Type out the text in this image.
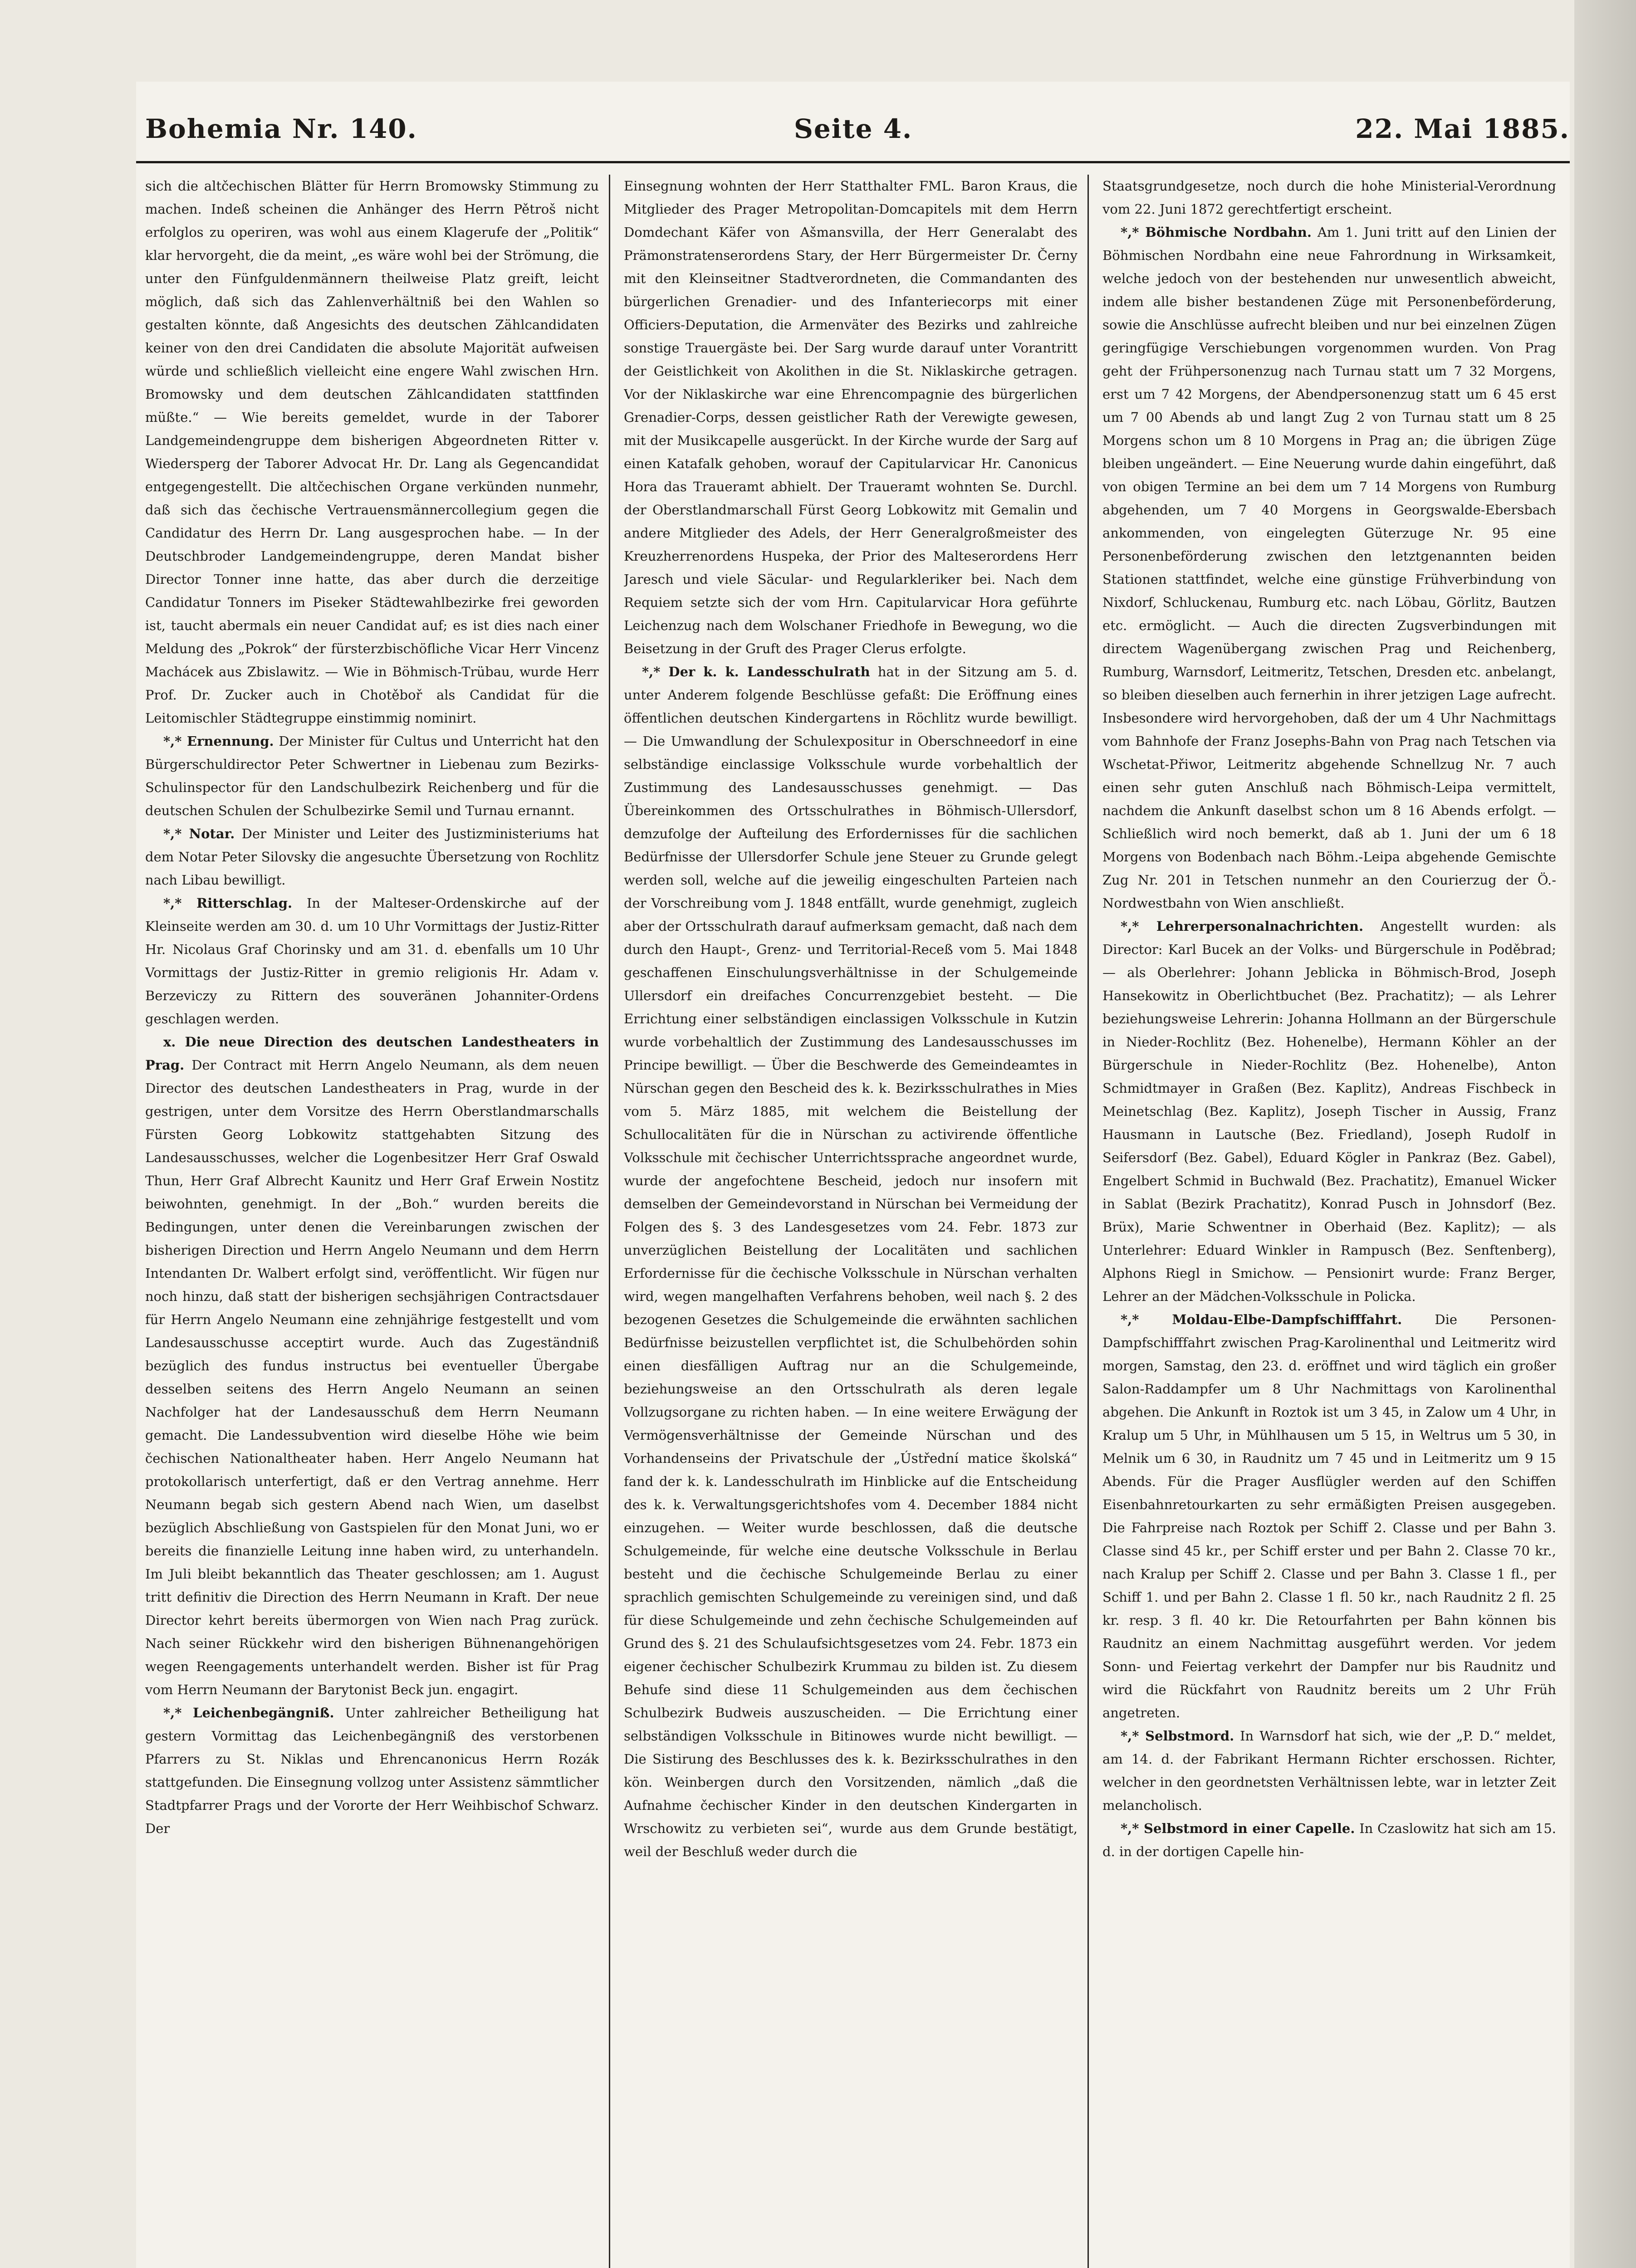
Bohemia Nr. 140.	Seite 4.	22. Mai 1885.

sich die altčechischen Blätter für Herrn Bromowsky Stimmung zu machen. Indeß scheinen die Anhänger des Herrn Pětroš nicht erfolglos zu operiren, was wohl aus einem Klagerufe der „Politik“ klar hervorgeht, die da meint, „es wäre wohl bei der Strömung, die unter den Fünfguldenmännern theilweise Platz greift, leicht möglich, daß sich das Zahlenverhältniß bei den Wahlen so gestalten könnte, daß Angesichts des deutschen Zählcandidaten keiner von den drei Candidaten die absolute Majorität aufweisen würde und schließlich vielleicht eine engere Wahl zwischen Hrn. Bromowsky und dem deutschen Zählcandidaten stattfinden müßte.“ — Wie bereits gemeldet, wurde in der Taborer Landgemeindengruppe dem bisherigen Abgeordneten Ritter v. Wiedersperg der Taborer Advocat Hr. Dr. Lang als Gegencandidat entgegengestellt. Die altčechischen Organe verkünden nunmehr, daß sich das čechische Vertrauensmännercollegium gegen die Candidatur des Herrn Dr. Lang ausgesprochen habe. — In der Deutschbroder Landgemeindengruppe, deren Mandat bisher Director Tonner inne hatte, das aber durch die derzeitige Candidatur Tonners im Piseker Städtewahlbezirke frei geworden ist, taucht abermals ein neuer Candidat auf; es ist dies nach einer Meldung des „Pokrok“ der fürsterzbischöfliche Vicar Herr Vincenz Machácek aus Zbislawitz. — Wie in Böhmisch-Trübau, wurde Herr Prof. Dr. Zucker auch in Chotěboř als Candidat für die Leitomischler Städtegruppe einstimmig nominirt.

*,* Ernennung. Der Minister für Cultus und Unterricht hat den Bürgerschuldirector Peter Schwertner in Liebenau zum Bezirks-Schulinspector für den Landschulbezirk Reichenberg und für die deutschen Schulen der Schulbezirke Semil und Turnau ernannt.

*,* Notar. Der Minister und Leiter des Justizministeriums hat dem Notar Peter Silovsky die angesuchte Übersetzung von Rochlitz nach Libau bewilligt.

*,* Ritterschlag. In der Malteser-Ordenskirche auf der Kleinseite werden am 30. d. um 10 Uhr Vormittags der Justiz-Ritter Hr. Nicolaus Graf Chorinsky und am 31. d. ebenfalls um 10 Uhr Vormittags der Justiz-Ritter in gremio religionis Hr. Adam v. Berzeviczy zu Rittern des souveränen Johanniter-Ordens geschlagen werden.

x. Die neue Direction des deutschen Landestheaters in Prag. Der Contract mit Herrn Angelo Neumann, als dem neuen Director des deutschen Landestheaters in Prag, wurde in der gestrigen, unter dem Vorsitze des Herrn Oberstlandmarschalls Fürsten Georg Lobkowitz stattgehabten Sitzung des Landesausschusses, welcher die Logenbesitzer Herr Graf Oswald Thun, Herr Graf Albrecht Kaunitz und Herr Graf Erwein Nostitz beiwohnten, genehmigt. In der „Boh.“ wurden bereits die Bedingungen, unter denen die Vereinbarungen zwischen der bisherigen Direction und Herrn Angelo Neumann und dem Herrn Intendanten Dr. Walbert erfolgt sind, veröffentlicht. Wir fügen nur noch hinzu, daß statt der bisherigen sechsjährigen Contractsdauer für Herrn Angelo Neumann eine zehnjährige festgestellt und vom Landesausschusse acceptirt wurde. Auch das Zugeständniß bezüglich des fundus instructus bei eventueller Übergabe desselben seitens des Herrn Angelo Neumann an seinen Nachfolger hat der Landesausschuß dem Herrn Neumann gemacht. Die Landessubvention wird dieselbe Höhe wie beim čechischen Nationaltheater haben. Herr Angelo Neumann hat protokollarisch unterfertigt, daß er den Vertrag annehme. Herr Neumann begab sich gestern Abend nach Wien, um daselbst bezüglich Abschließung von Gastspielen für den Monat Juni, wo er bereits die finanzielle Leitung inne haben wird, zu unterhandeln. Im Juli bleibt bekanntlich das Theater geschlossen; am 1. August tritt definitiv die Direction des Herrn Neumann in Kraft. Der neue Director kehrt bereits übermorgen von Wien nach Prag zurück. Nach seiner Rückkehr wird den bisherigen Bühnenangehörigen wegen Reengagements unterhandelt werden. Bisher ist für Prag vom Herrn Neumann der Barytonist Beck jun. engagirt.

*,* Leichenbegängniß. Unter zahlreicher Betheiligung hat gestern Vormittag das Leichenbegängniß des verstorbenen Pfarrers zu St. Niklas und Ehrencanonicus Herrn Rozák stattgefunden. Die Einsegnung vollzog unter Assistenz sämmtlicher Stadtpfarrer Prags und der Vororte der Herr Weihbischof Schwarz. Der

Einsegnung wohnten der Herr Statthalter FML. Baron Kraus, die Mitglieder des Prager Metropolitan-Domcapitels mit dem Herrn Domdechant Käfer von Ašmansvilla, der Herr Generalabt des Prämonstratenserordens Stary, der Herr Bürgermeister Dr. Černy mit den Kleinseitner Stadtverordneten, die Commandanten des bürgerlichen Grenadier- und des Infanteriecorps mit einer Officiers-Deputation, die Armenväter des Bezirks und zahlreiche sonstige Trauergäste bei. Der Sarg wurde darauf unter Vorantritt der Geistlichkeit von Akolithen in die St. Niklaskirche getragen. Vor der Niklaskirche war eine Ehrencompagnie des bürgerlichen Grenadier-Corps, dessen geistlicher Rath der Verewigte gewesen, mit der Musikcapelle ausgerückt. In der Kirche wurde der Sarg auf einen Katafalk gehoben, worauf der Capitularvicar Hr. Canonicus Hora das Traueramt abhielt. Der Traueramt wohnten Se. Durchl. der Oberstlandmarschall Fürst Georg Lobkowitz mit Gemalin und andere Mitglieder des Adels, der Herr Generalgroßmeister des Kreuzherrenordens Huspeka, der Prior des Malteserordens Herr Jaresch und viele Säcular- und Regularkleriker bei. Nach dem Requiem setzte sich der vom Hrn. Capitularvicar Hora geführte Leichenzug nach dem Wolschaner Friedhofe in Bewegung, wo die Beisetzung in der Gruft des Prager Clerus erfolgte.

*,* Der k. k. Landesschulrath hat in der Sitzung am 5. d. unter Anderem folgende Beschlüsse gefaßt: Die Eröffnung eines öffentlichen deutschen Kindergartens in Röchlitz wurde bewilligt. — Die Umwandlung der Schulexpositur in Oberschneedorf in eine selbständige einclassige Volksschule wurde vorbehaltlich der Zustimmung des Landesausschusses genehmigt. — Das Übereinkommen des Ortsschulrathes in Böhmisch-Ullersdorf, demzufolge der Aufteilung des Erfordernisses für die sachlichen Bedürfnisse der Ullersdorfer Schule jene Steuer zu Grunde gelegt werden soll, welche auf die jeweilig eingeschulten Parteien nach der Vorschreibung vom J. 1848 entfällt, wurde genehmigt, zugleich aber der Ortsschulrath darauf aufmerksam gemacht, daß nach dem durch den Haupt-, Grenz- und Territorial-Receß vom 5. Mai 1848 geschaffenen Einschulungsverhältnisse in der Schulgemeinde Ullersdorf ein dreifaches Concurrenzgebiet besteht. — Die Errichtung einer selbständigen einclassigen Volksschule in Kutzin wurde vorbehaltlich der Zustimmung des Landesausschusses im Principe bewilligt. — Über die Beschwerde des Gemeindeamtes in Nürschan gegen den Bescheid des k. k. Bezirksschulrathes in Mies vom 5. März 1885, mit welchem die Beistellung der Schullocalitäten für die in Nürschan zu activirende öffentliche Volksschule mit čechischer Unterrichtssprache angeordnet wurde, wurde der angefochtene Bescheid, jedoch nur insofern mit demselben der Gemeindevorstand in Nürschan bei Vermeidung der Folgen des §. 3 des Landesgesetzes vom 24. Febr. 1873 zur unverzüglichen Beistellung der Localitäten und sachlichen Erfordernisse für die čechische Volksschule in Nürschan verhalten wird, wegen mangelhaften Verfahrens behoben, weil nach §. 2 des bezogenen Gesetzes die Schulgemeinde die erwähnten sachlichen Bedürfnisse beizustellen verpflichtet ist, die Schulbehörden sohin einen diesfälligen Auftrag nur an die Schulgemeinde, beziehungsweise an den Ortsschulrath als deren legale Vollzugsorgane zu richten haben. — In eine weitere Erwägung der Vermögensverhältnisse der Gemeinde Nürschan und des Vorhandenseins der Privatschule der „Ústřední matice školská“ fand der k. k. Landesschulrath im Hinblicke auf die Entscheidung des k. k. Verwaltungsgerichtshofes vom 4. December 1884 nicht einzugehen. — Weiter wurde beschlossen, daß die deutsche Schulgemeinde, für welche eine deutsche Volksschule in Berlau besteht und die čechische Schulgemeinde Berlau zu einer sprachlich gemischten Schulgemeinde zu vereinigen sind, und daß für diese Schulgemeinde und zehn čechische Schulgemeinden auf Grund des §. 21 des Schulaufsichtsgesetzes vom 24. Febr. 1873 ein eigener čechischer Schulbezirk Krummau zu bilden ist. Zu diesem Behufe sind diese 11 Schulgemeinden aus dem čechischen Schulbezirk Budweis auszuscheiden. — Die Errichtung einer selbständigen Volksschule in Bitinowes wurde nicht bewilligt. — Die Sistirung des Beschlusses des k. k. Bezirksschulrathes in den kön. Weinbergen durch den Vorsitzenden, nämlich „daß die Aufnahme čechischer Kinder in den deutschen Kindergarten in Wrschowitz zu verbieten sei“, wurde aus dem Grunde bestätigt, weil der Beschluß weder durch die

Staatsgrundgesetze, noch durch die hohe Ministerial-Verordnung vom 22. Juni 1872 gerechtfertigt erscheint.

*,* Böhmische Nordbahn. Am 1. Juni tritt auf den Linien der Böhmischen Nordbahn eine neue Fahrordnung in Wirksamkeit, welche jedoch von der bestehenden nur unwesentlich abweicht, indem alle bisher bestandenen Züge mit Personenbeförderung, sowie die Anschlüsse aufrecht bleiben und nur bei einzelnen Zügen geringfügige Verschiebungen vorgenommen wurden. Von Prag geht der Frühpersonenzug nach Turnau statt um 7 32 Morgens, erst um 7 42 Morgens, der Abendpersonenzug statt um 6 45 erst um 7 00 Abends ab und langt Zug 2 von Turnau statt um 8 25 Morgens schon um 8 10 Morgens in Prag an; die übrigen Züge bleiben ungeändert. — Eine Neuerung wurde dahin eingeführt, daß von obigen Termine an bei dem um 7 14 Morgens von Rumburg abgehenden, um 7 40 Morgens in Georgswalde-Ebersbach ankommenden, von eingelegten Güterzuge Nr. 95 eine Personenbeförderung zwischen den letztgenannten beiden Stationen stattfindet, welche eine günstige Frühverbindung von Nixdorf, Schluckenau, Rumburg etc. nach Löbau, Görlitz, Bautzen etc. ermöglicht. — Auch die directen Zugsverbindungen mit directem Wagenübergang zwischen Prag und Reichenberg, Rumburg, Warnsdorf, Leitmeritz, Tetschen, Dresden etc. anbelangt, so bleiben dieselben auch fernerhin in ihrer jetzigen Lage aufrecht. Insbesondere wird hervorgehoben, daß der um 4 Uhr Nachmittags vom Bahnhofe der Franz Josephs-Bahn von Prag nach Tetschen via Wschetat-Přiwor, Leitmeritz abgehende Schnellzug Nr. 7 auch einen sehr guten Anschluß nach Böhmisch-Leipa vermittelt, nachdem die Ankunft daselbst schon um 8 16 Abends erfolgt. — Schließlich wird noch bemerkt, daß ab 1. Juni der um 6 18 Morgens von Bodenbach nach Böhm.-Leipa abgehende Gemischte Zug Nr. 201 in Tetschen nunmehr an den Courierzug der Ö.-Nordwestbahn von Wien anschließt.

*,* Lehrerpersonalnachrichten. Angestellt wurden: als Director: Karl Bucek an der Volks- und Bürgerschule in Poděbrad; — als Oberlehrer: Johann Jeblicka in Böhmisch-Brod, Joseph Hansekowitz in Oberlichtbuchet (Bez. Prachatitz); — als Lehrer beziehungsweise Lehrerin: Johanna Hollmann an der Bürgerschule in Nieder-Rochlitz (Bez. Hohenelbe), Hermann Köhler an der Bürgerschule in Nieder-Rochlitz (Bez. Hohenelbe), Anton Schmidtmayer in Graßen (Bez. Kaplitz), Andreas Fischbeck in Meinetschlag (Bez. Kaplitz), Joseph Tischer in Aussig, Franz Hausmann in Lautsche (Bez. Friedland), Joseph Rudolf in Seifersdorf (Bez. Gabel), Eduard Kögler in Pankraz (Bez. Gabel), Engelbert Schmid in Buchwald (Bez. Prachatitz), Emanuel Wicker in Sablat (Bezirk Prachatitz), Konrad Pusch in Johnsdorf (Bez. Brüx), Marie Schwentner in Oberhaid (Bez. Kaplitz); — als Unterlehrer: Eduard Winkler in Rampusch (Bez. Senftenberg), Alphons Riegl in Smichow. — Pensionirt wurde: Franz Berger, Lehrer an der Mädchen-Volksschule in Policka.

*,* Moldau-Elbe-Dampfschifffahrt. Die Personen-Dampfschifffahrt zwischen Prag-Karolinenthal und Leitmeritz wird morgen, Samstag, den 23. d. eröffnet und wird täglich ein großer Salon-Raddampfer um 8 Uhr Nachmittags von Karolinenthal abgehen. Die Ankunft in Roztok ist um 3 45, in Zalow um 4 Uhr, in Kralup um 5 Uhr, in Mühlhausen um 5 15, in Weltrus um 5 30, in Melnik um 6 30, in Raudnitz um 7 45 und in Leitmeritz um 9 15 Abends. Für die Prager Ausflügler werden auf den Schiffen Eisenbahnretourkarten zu sehr ermäßigten Preisen ausgegeben. Die Fahrpreise nach Roztok per Schiff 2. Classe und per Bahn 3. Classe sind 45 kr., per Schiff erster und per Bahn 2. Classe 70 kr., nach Kralup per Schiff 2. Classe und per Bahn 3. Classe 1 fl., per Schiff 1. und per Bahn 2. Classe 1 fl. 50 kr., nach Raudnitz 2 fl. 25 kr. resp. 3 fl. 40 kr. Die Retourfahrten per Bahn können bis Raudnitz an einem Nachmittag ausgeführt werden. Vor jedem Sonn- und Feiertag verkehrt der Dampfer nur bis Raudnitz und wird die Rückfahrt von Raudnitz bereits um 2 Uhr Früh angetreten.

*,* Selbstmord. In Warnsdorf hat sich, wie der „P. D.“ meldet, am 14. d. der Fabrikant Hermann Richter erschossen. Richter, welcher in den geordnetsten Verhältnissen lebte, war in letzter Zeit melancholisch.

*,* Selbstmord in einer Capelle. In Czaslowitz hat sich am 15. d. in der dortigen Capelle hin-
